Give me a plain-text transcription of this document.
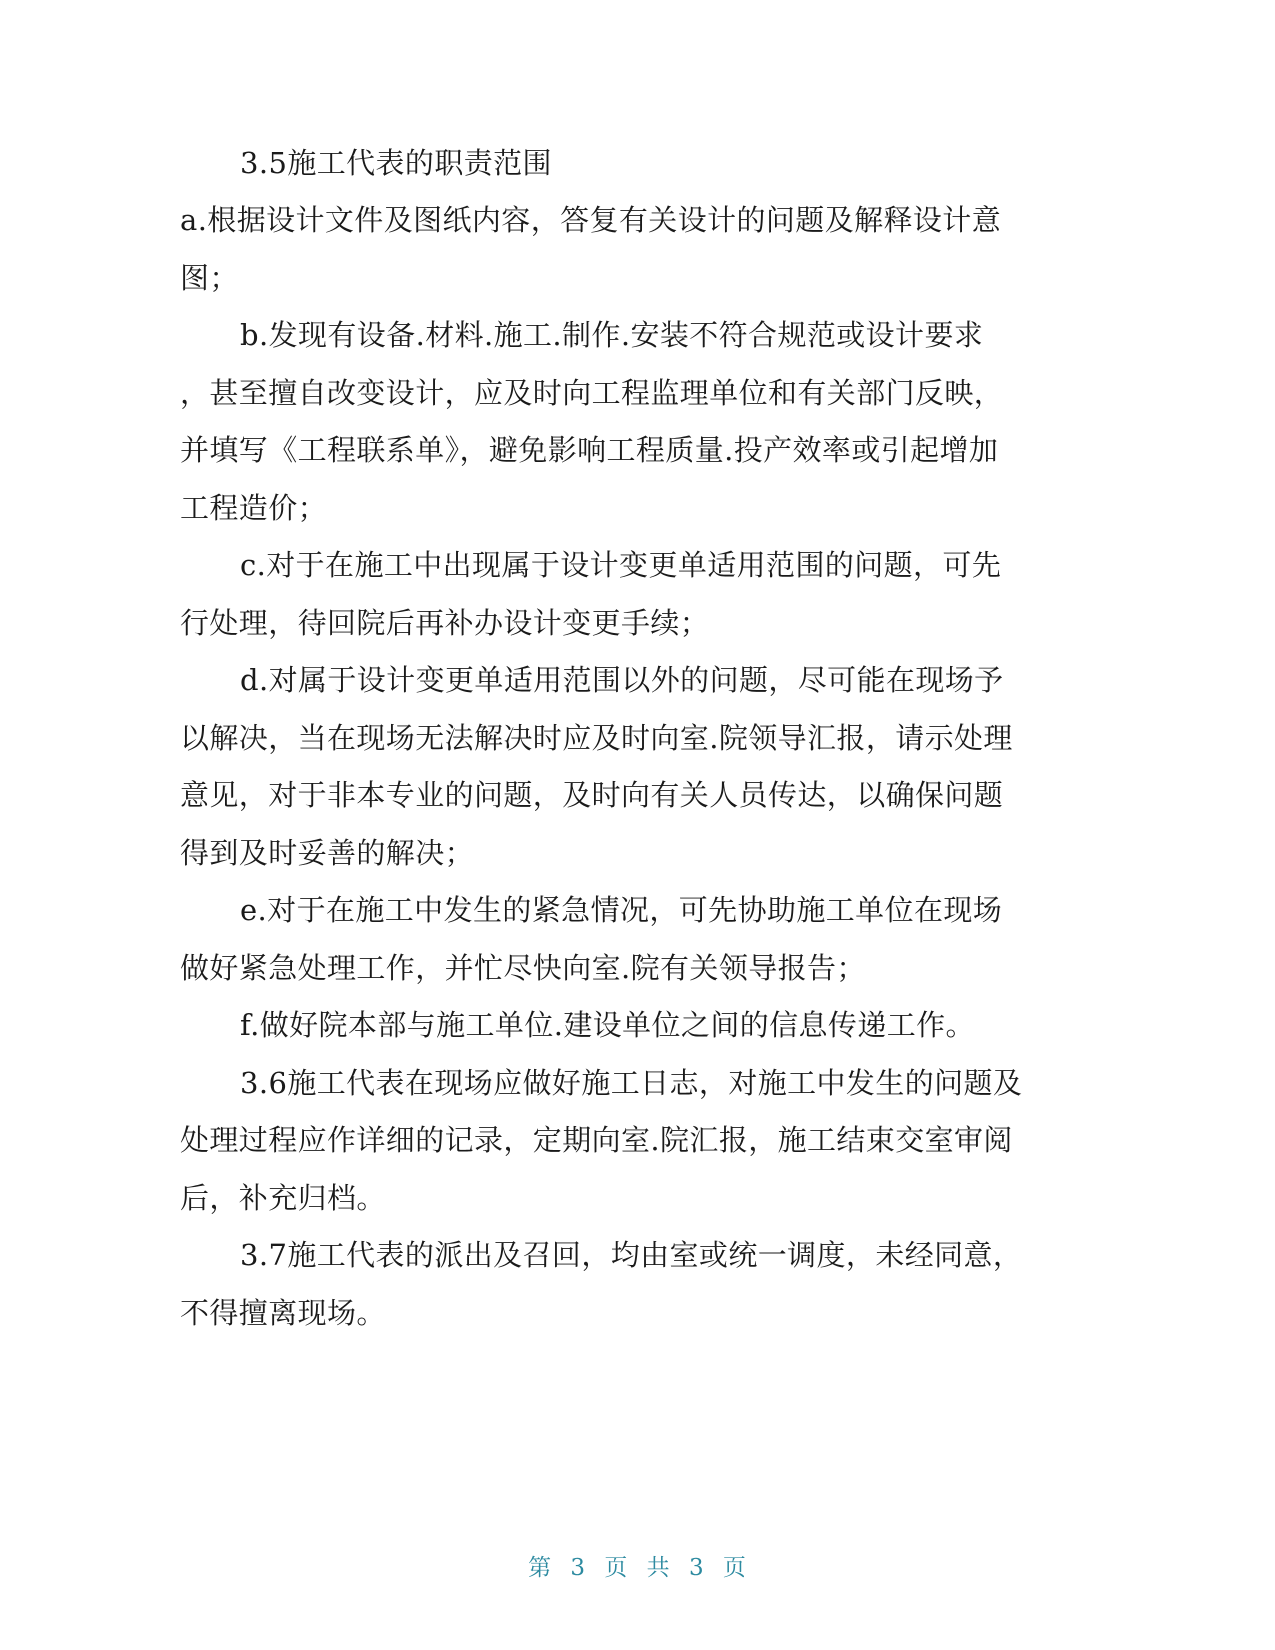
3.5施工代表的职责范围

a.根据设计文件及图纸内容，答复有关设计的问题及解释设计意

图；

b.发现有设备.材料.施工.制作.安装不符合规范或设计要求

，甚至擅自改变设计，应及时向工程监理单位和有关部门反映，

并填写《工程联系单》，避免影响工程质量.投产效率或引起增加

工程造价；

c.对于在施工中出现属于设计变更单适用范围的问题，可先

行处理，待回院后再补办设计变更手续；

d.对属于设计变更单适用范围以外的问题，尽可能在现场予

以解决，当在现场无法解决时应及时向室.院领导汇报，请示处理

意见，对于非本专业的问题，及时向有关人员传达，以确保问题

得到及时妥善的解决；

e.对于在施工中发生的紧急情况，可先协助施工单位在现场

做好紧急处理工作，并忙尽快向室.院有关领导报告；

f.做好院本部与施工单位.建设单位之间的信息传递工作。

3.6施工代表在现场应做好施工日志，对施工中发生的问题及

处理过程应作详细的记录，定期向室.院汇报，施工结束交室审阅

后，补充归档。

3.7施工代表的派出及召回，均由室或统一调度，未经同意，

不得擅离现场。

第 3 页 共 3 页
